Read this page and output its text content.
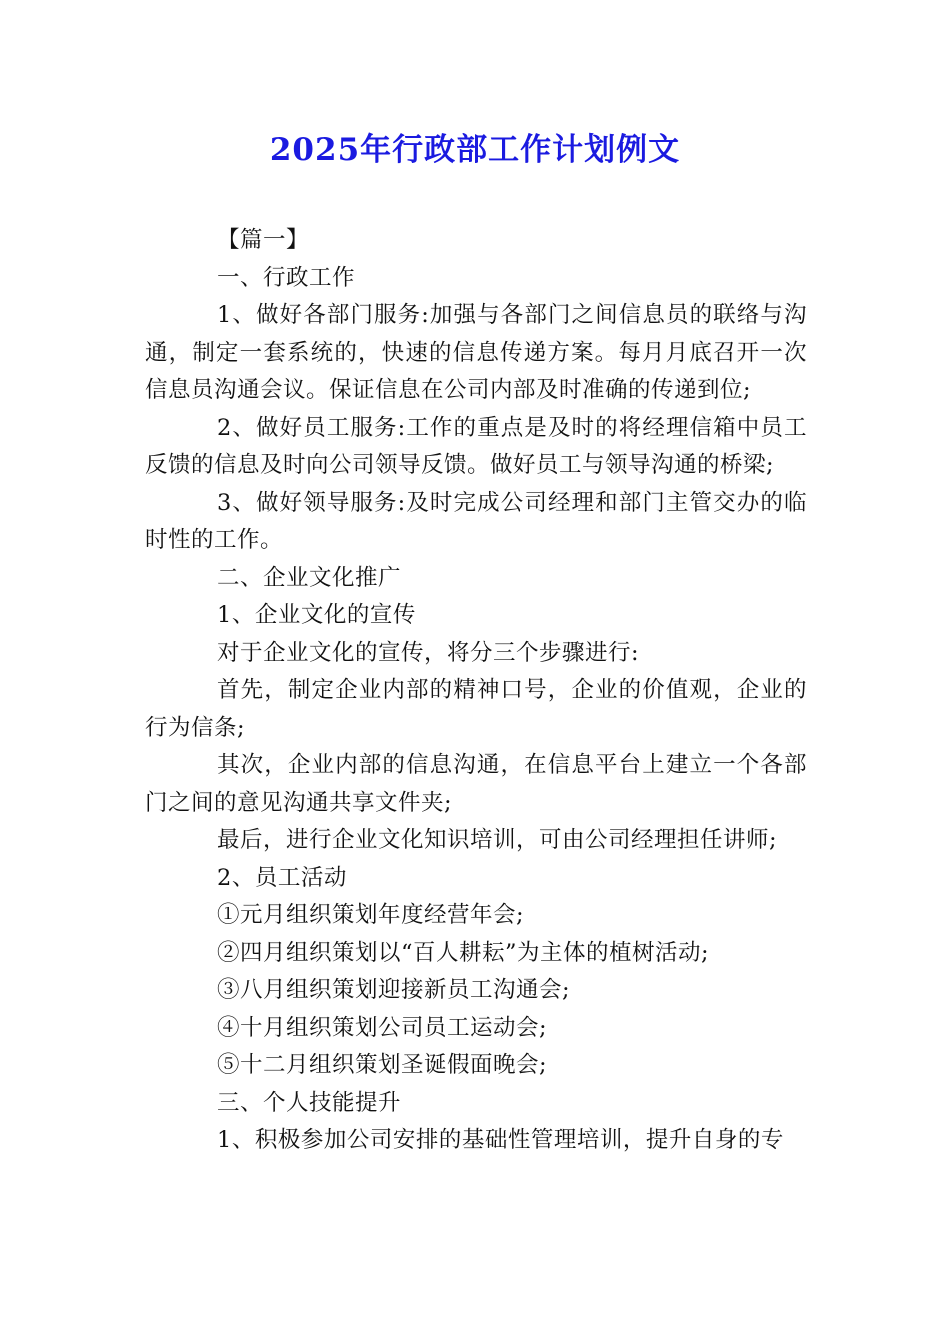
2025年行政部工作计划例文

【篇一】

一、行政工作

1、做好各部门服务:加强与各部门之间信息员的联络与沟通，制定一套系统的，快速的信息传递方案。每月月底召开一次信息员沟通会议。保证信息在公司内部及时准确的传递到位;

2、做好员工服务:工作的重点是及时的将经理信箱中员工反馈的信息及时向公司领导反馈。做好员工与领导沟通的桥梁;

3、做好领导服务:及时完成公司经理和部门主管交办的临时性的工作。

二、企业文化推广

1、企业文化的宣传

对于企业文化的宣传，将分三个步骤进行:

首先，制定企业内部的精神口号，企业的价值观，企业的行为信条;

其次，企业内部的信息沟通，在信息平台上建立一个各部门之间的意见沟通共享文件夹;

最后，进行企业文化知识培训，可由公司经理担任讲师;

2、员工活动

①元月组织策划年度经营年会;

②四月组织策划以“百人耕耘”为主体的植树活动;

③八月组织策划迎接新员工沟通会;

④十月组织策划公司员工运动会;

⑤十二月组织策划圣诞假面晚会;

三、个人技能提升

1、积极参加公司安排的基础性管理培训，提升自身的专
